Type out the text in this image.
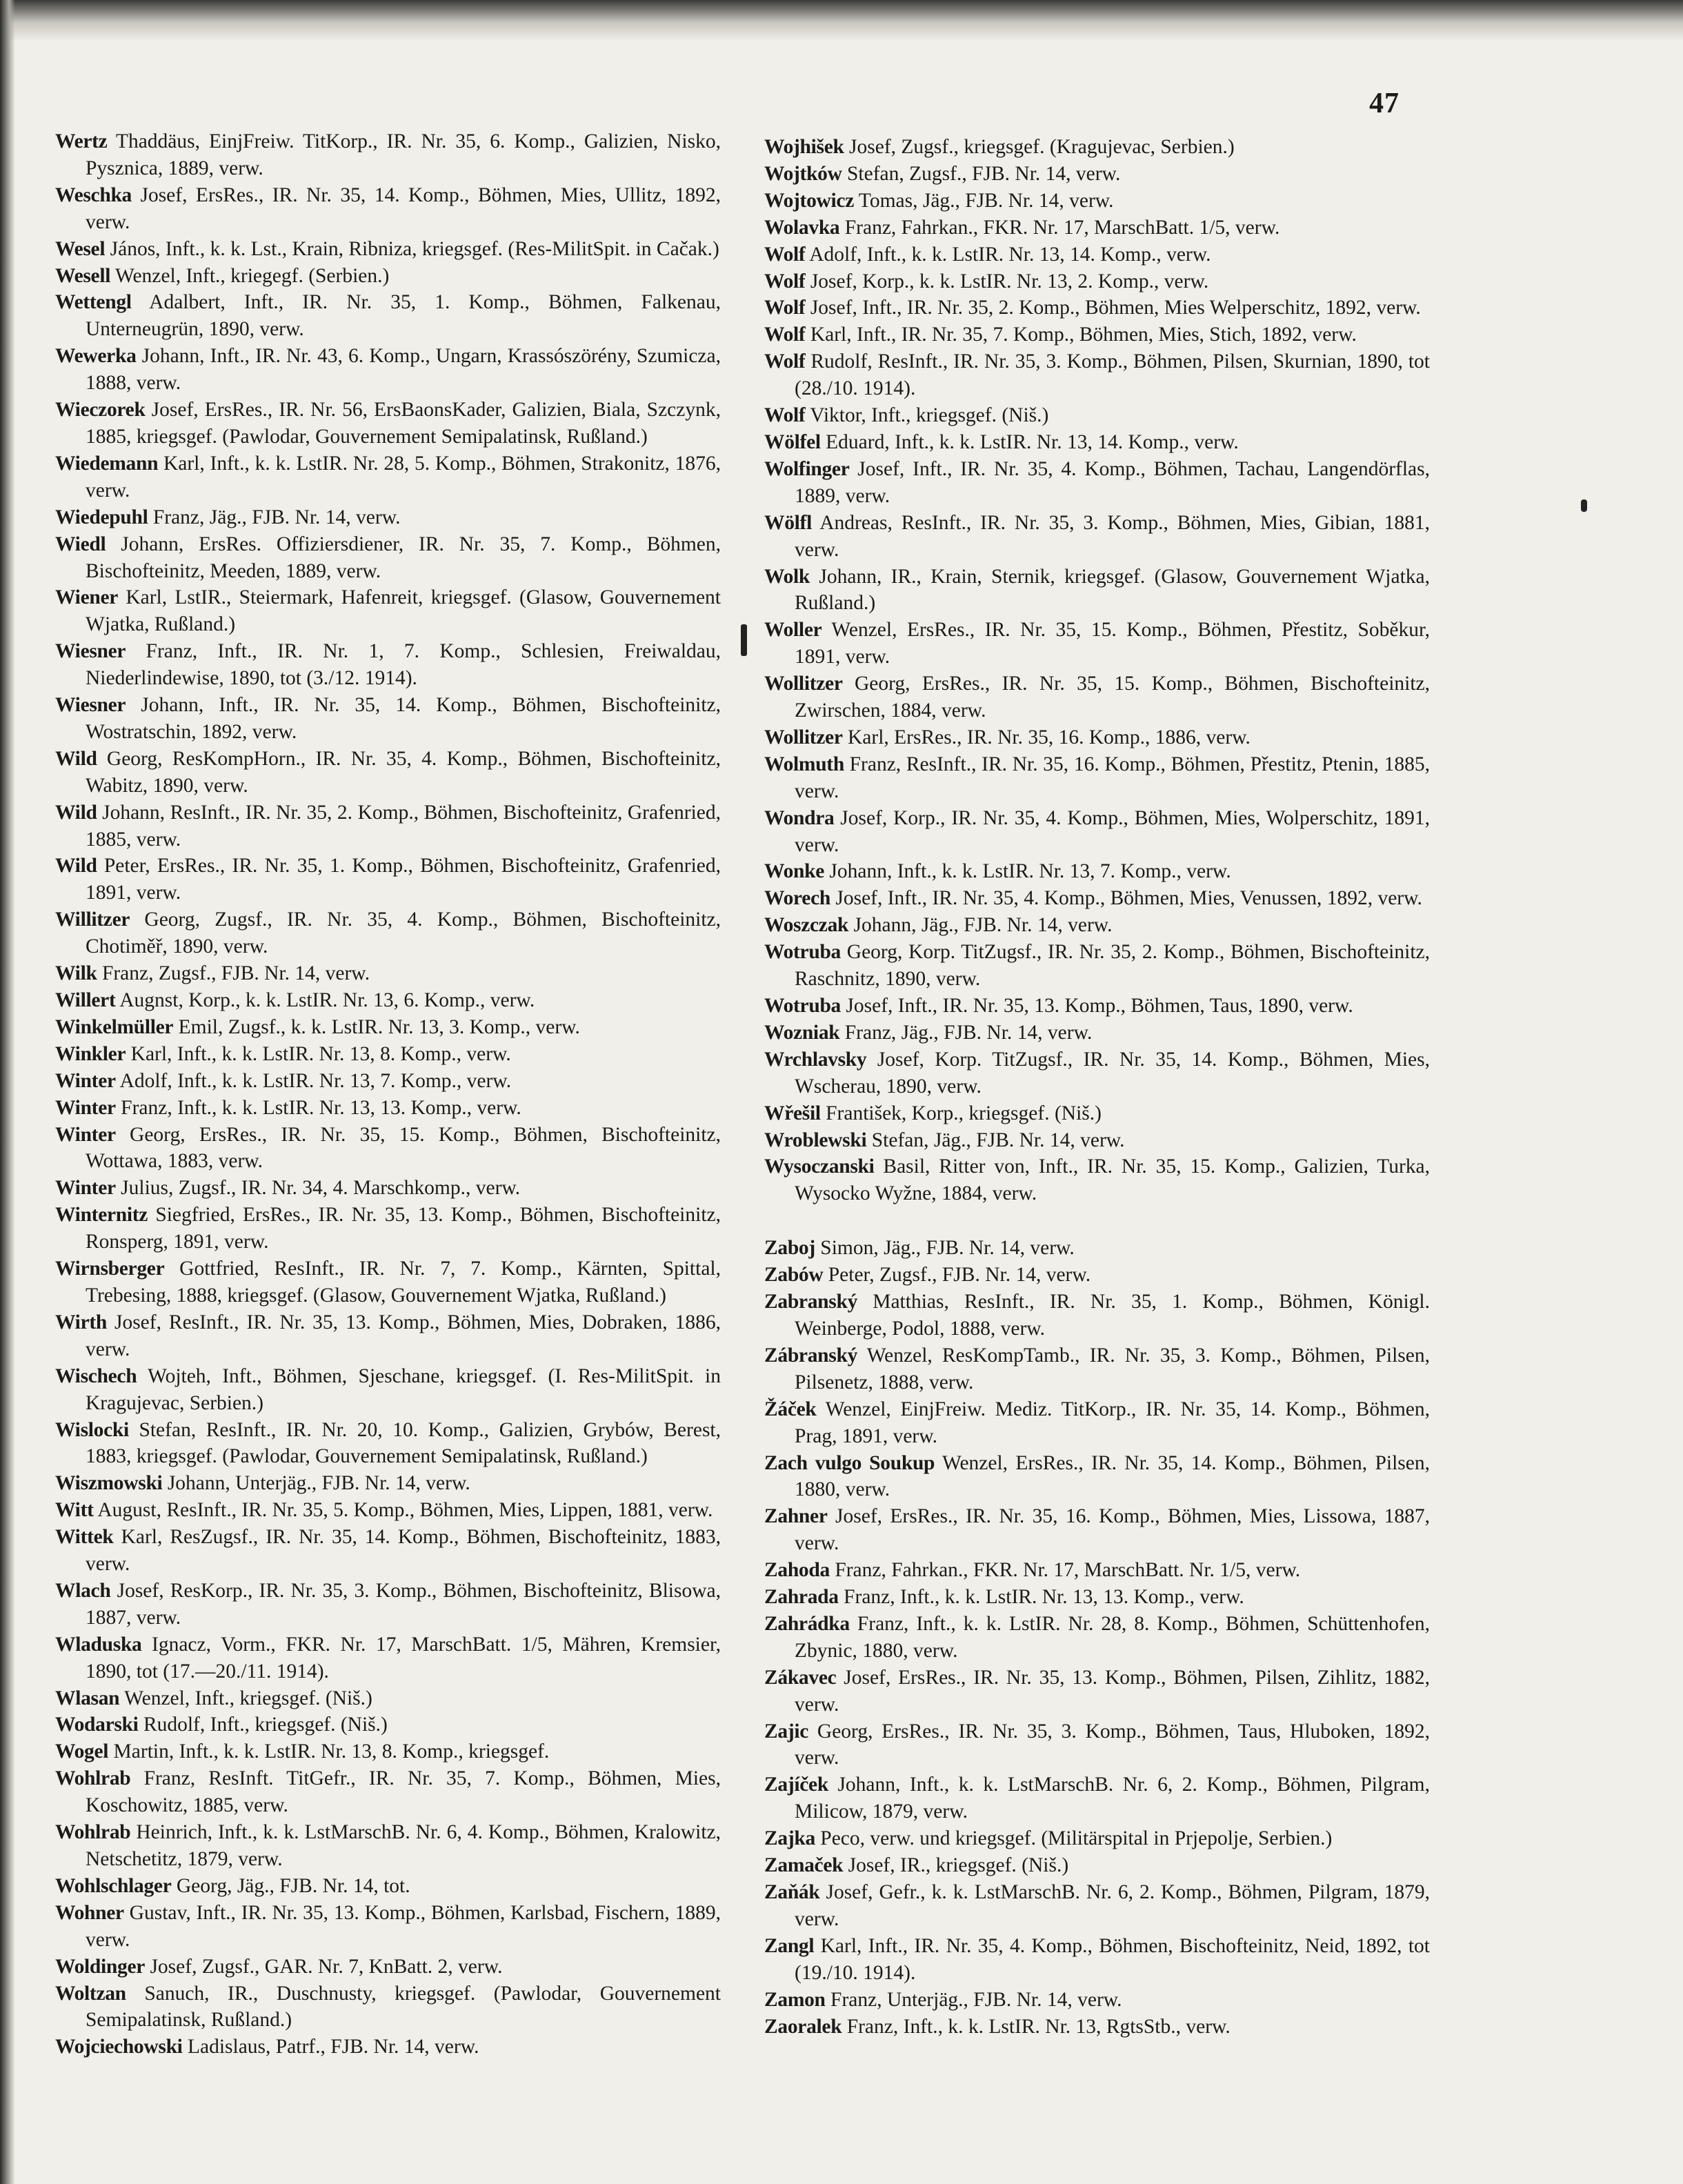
47

Wertz Thaddäus, EinjFreiw. TitKorp., IR. Nr. 35, 6. Komp., Galizien, Nisko, Pysznica, 1889, verw.

Weschka Josef, ErsRes., IR. Nr. 35, 14. Komp., Böhmen, Mies, Ullitz, 1892, verw.

Wesel János, Inft., k. k. Lst., Krain, Ribniza, kriegsgef. (Res-MilitSpit. in Cačak.)

Wesell Wenzel, Inft., kriegegf. (Serbien.)

Wettengl Adalbert, Inft., IR. Nr. 35, 1. Komp., Böhmen, Falkenau, Unterneugrün, 1890, verw.

Wewerka Johann, Inft., IR. Nr. 43, 6. Komp., Ungarn, Krassószörény, Szumicza, 1888, verw.

Wieczorek Josef, ErsRes., IR. Nr. 56, ErsBaonsKader, Galizien, Biala, Szczynk, 1885, kriegsgef. (Pawlodar, Gouvernement Semipalatinsk, Rußland.)

Wiedemann Karl, Inft., k. k. LstIR. Nr. 28, 5. Komp., Böhmen, Strakonitz, 1876, verw.

Wiedepuhl Franz, Jäg., FJB. Nr. 14, verw.

Wiedl Johann, ErsRes. Offiziersdiener, IR. Nr. 35, 7. Komp., Böhmen, Bischofteinitz, Meeden, 1889, verw.

Wiener Karl, LstIR., Steiermark, Hafenreit, kriegsgef. (Glasow, Gouvernement Wjatka, Rußland.)

Wiesner Franz, Inft., IR. Nr. 1, 7. Komp., Schlesien, Freiwaldau, Niederlindewise, 1890, tot (3./12. 1914).

Wiesner Johann, Inft., IR. Nr. 35, 14. Komp., Böhmen, Bischofteinitz, Wostratschin, 1892, verw.

Wild Georg, ResKompHorn., IR. Nr. 35, 4. Komp., Böhmen, Bischofteinitz, Wabitz, 1890, verw.

Wild Johann, ResInft., IR. Nr. 35, 2. Komp., Böhmen, Bischofteinitz, Grafenried, 1885, verw.

Wild Peter, ErsRes., IR. Nr. 35, 1. Komp., Böhmen, Bischofteinitz, Grafenried, 1891, verw.

Willitzer Georg, Zugsf., IR. Nr. 35, 4. Komp., Böhmen, Bischofteinitz, Chotiměř, 1890, verw.

Wilk Franz, Zugsf., FJB. Nr. 14, verw.

Willert Augnst, Korp., k. k. LstIR. Nr. 13, 6. Komp., verw.

Winkelmüller Emil, Zugsf., k. k. LstIR. Nr. 13, 3. Komp., verw.

Winkler Karl, Inft., k. k. LstIR. Nr. 13, 8. Komp., verw.

Winter Adolf, Inft., k. k. LstIR. Nr. 13, 7. Komp., verw.

Winter Franz, Inft., k. k. LstIR. Nr. 13, 13. Komp., verw.

Winter Georg, ErsRes., IR. Nr. 35, 15. Komp., Böhmen, Bischofteinitz, Wottawa, 1883, verw.

Winter Julius, Zugsf., IR. Nr. 34, 4. Marschkomp., verw.

Winternitz Siegfried, ErsRes., IR. Nr. 35, 13. Komp., Böhmen, Bischofteinitz, Ronsperg, 1891, verw.

Wirnsberger Gottfried, ResInft., IR. Nr. 7, 7. Komp., Kärnten, Spittal, Trebesing, 1888, kriegsgef. (Glasow, Gouvernement Wjatka, Rußland.)

Wirth Josef, ResInft., IR. Nr. 35, 13. Komp., Böhmen, Mies, Dobraken, 1886, verw.

Wischech Wojteh, Inft., Böhmen, Sjeschane, kriegsgef. (I. Res-MilitSpit. in Kragujevac, Serbien.)

Wislocki Stefan, ResInft., IR. Nr. 20, 10. Komp., Galizien, Grybów, Berest, 1883, kriegsgef. (Pawlodar, Gouvernement Semipalatinsk, Rußland.)

Wiszmowski Johann, Unterjäg., FJB. Nr. 14, verw.

Witt August, ResInft., IR. Nr. 35, 5. Komp., Böhmen, Mies, Lippen, 1881, verw.

Wittek Karl, ResZugsf., IR. Nr. 35, 14. Komp., Böhmen, Bischofteinitz, 1883, verw.

Wlach Josef, ResKorp., IR. Nr. 35, 3. Komp., Böhmen, Bischofteinitz, Blisowa, 1887, verw.

Wladuska Ignacz, Vorm., FKR. Nr. 17, MarschBatt. 1/5, Mähren, Kremsier, 1890, tot (17.—20./11. 1914).

Wlasan Wenzel, Inft., kriegsgef. (Niš.)

Wodarski Rudolf, Inft., kriegsgef. (Niš.)

Wogel Martin, Inft., k. k. LstIR. Nr. 13, 8. Komp., kriegsgef.

Wohlrab Franz, ResInft. TitGefr., IR. Nr. 35, 7. Komp., Böhmen, Mies, Koschowitz, 1885, verw.

Wohlrab Heinrich, Inft., k. k. LstMarschB. Nr. 6, 4. Komp., Böhmen, Kralowitz, Netschetitz, 1879, verw.

Wohlschlager Georg, Jäg., FJB. Nr. 14, tot.

Wohner Gustav, Inft., IR. Nr. 35, 13. Komp., Böhmen, Karlsbad, Fischern, 1889, verw.

Woldinger Josef, Zugsf., GAR. Nr. 7, KnBatt. 2, verw.

Woltzan Sanuch, IR., Duschnusty, kriegsgef. (Pawlodar, Gouvernement Semipalatinsk, Rußland.)

Wojciechowski Ladislaus, Patrf., FJB. Nr. 14, verw.

Wojhišek Josef, Zugsf., kriegsgef. (Kragujevac, Serbien.)

Wojtków Stefan, Zugsf., FJB. Nr. 14, verw.

Wojtowicz Tomas, Jäg., FJB. Nr. 14, verw.

Wolavka Franz, Fahrkan., FKR. Nr. 17, MarschBatt. 1/5, verw.

Wolf Adolf, Inft., k. k. LstIR. Nr. 13, 14. Komp., verw.

Wolf Josef, Korp., k. k. LstIR. Nr. 13, 2. Komp., verw.

Wolf Josef, Inft., IR. Nr. 35, 2. Komp., Böhmen, Mies Welperschitz, 1892, verw.

Wolf Karl, Inft., IR. Nr. 35, 7. Komp., Böhmen, Mies, Stich, 1892, verw.

Wolf Rudolf, ResInft., IR. Nr. 35, 3. Komp., Böhmen, Pilsen, Skurnian, 1890, tot (28./10. 1914).

Wolf Viktor, Inft., kriegsgef. (Niš.)

Wölfel Eduard, Inft., k. k. LstIR. Nr. 13, 14. Komp., verw.

Wolfinger Josef, Inft., IR. Nr. 35, 4. Komp., Böhmen, Tachau, Langendörflas, 1889, verw.

Wölfl Andreas, ResInft., IR. Nr. 35, 3. Komp., Böhmen, Mies, Gibian, 1881, verw.

Wolk Johann, IR., Krain, Sternik, kriegsgef. (Glasow, Gouvernement Wjatka, Rußland.)

Woller Wenzel, ErsRes., IR. Nr. 35, 15. Komp., Böhmen, Přestitz, Soběkur, 1891, verw.

Wollitzer Georg, ErsRes., IR. Nr. 35, 15. Komp., Böhmen, Bischofteinitz, Zwirschen, 1884, verw.

Wollitzer Karl, ErsRes., IR. Nr. 35, 16. Komp., 1886, verw.

Wolmuth Franz, ResInft., IR. Nr. 35, 16. Komp., Böhmen, Přestitz, Ptenin, 1885, verw.

Wondra Josef, Korp., IR. Nr. 35, 4. Komp., Böhmen, Mies, Wolperschitz, 1891, verw.

Wonke Johann, Inft., k. k. LstIR. Nr. 13, 7. Komp., verw.

Worech Josef, Inft., IR. Nr. 35, 4. Komp., Böhmen, Mies, Venussen, 1892, verw.

Woszczak Johann, Jäg., FJB. Nr. 14, verw.

Wotruba Georg, Korp. TitZugsf., IR. Nr. 35, 2. Komp., Böhmen, Bischofteinitz, Raschnitz, 1890, verw.

Wotruba Josef, Inft., IR. Nr. 35, 13. Komp., Böhmen, Taus, 1890, verw.

Wozniak Franz, Jäg., FJB. Nr. 14, verw.

Wrchlavsky Josef, Korp. TitZugsf., IR. Nr. 35, 14. Komp., Böhmen, Mies, Wscherau, 1890, verw.

Wřešil František, Korp., kriegsgef. (Niš.)

Wroblewski Stefan, Jäg., FJB. Nr. 14, verw.

Wysoczanski Basil, Ritter von, Inft., IR. Nr. 35, 15. Komp., Galizien, Turka, Wysocko Wyžne, 1884, verw.

Zaboj Simon, Jäg., FJB. Nr. 14, verw.

Zabów Peter, Zugsf., FJB. Nr. 14, verw.

Zabranský Matthias, ResInft., IR. Nr. 35, 1. Komp., Böhmen, Königl. Weinberge, Podol, 1888, verw.

Zábranský Wenzel, ResKompTamb., IR. Nr. 35, 3. Komp., Böhmen, Pilsen, Pilsenetz, 1888, verw.

Žáček Wenzel, EinjFreiw. Mediz. TitKorp., IR. Nr. 35, 14. Komp., Böhmen, Prag, 1891, verw.

Zach vulgo Soukup Wenzel, ErsRes., IR. Nr. 35, 14. Komp., Böhmen, Pilsen, 1880, verw.

Zahner Josef, ErsRes., IR. Nr. 35, 16. Komp., Böhmen, Mies, Lissowa, 1887, verw.

Zahoda Franz, Fahrkan., FKR. Nr. 17, MarschBatt. Nr. 1/5, verw.

Zahrada Franz, Inft., k. k. LstIR. Nr. 13, 13. Komp., verw.

Zahrádka Franz, Inft., k. k. LstIR. Nr. 28, 8. Komp., Böhmen, Schüttenhofen, Zbynic, 1880, verw.

Zákavec Josef, ErsRes., IR. Nr. 35, 13. Komp., Böhmen, Pilsen, Zihlitz, 1882, verw.

Zajic Georg, ErsRes., IR. Nr. 35, 3. Komp., Böhmen, Taus, Hluboken, 1892, verw.

Zajíček Johann, Inft., k. k. LstMarschB. Nr. 6, 2. Komp., Böhmen, Pilgram, Milicow, 1879, verw.

Zajka Peco, verw. und kriegsgef. (Militärspital in Prjepolje, Serbien.)

Zamaček Josef, IR., kriegsgef. (Niš.)

Zaňák Josef, Gefr., k. k. LstMarschB. Nr. 6, 2. Komp., Böhmen, Pilgram, 1879, verw.

Zangl Karl, Inft., IR. Nr. 35, 4. Komp., Böhmen, Bischofteinitz, Neid, 1892, tot (19./10. 1914).

Zamon Franz, Unterjäg., FJB. Nr. 14, verw.

Zaoralek Franz, Inft., k. k. LstIR. Nr. 13, RgtsStb., verw.
